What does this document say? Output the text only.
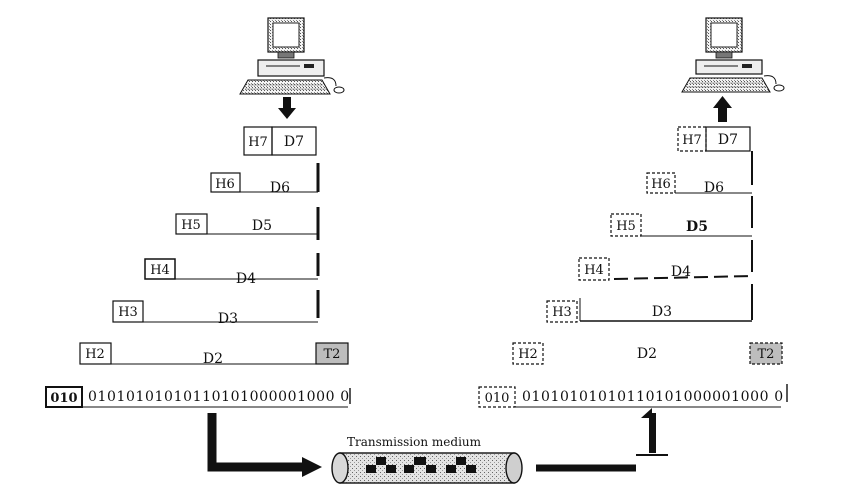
H7 D7
H6	D6
H5	D5
H4
D4
H3	D3
H2	D2	T2
010 01010101010110101000001000 0
H7 D7
H6 D6
H5	D5
H4	D4
H3	D3
H2	D2	T2
010 01010101010110101000001000 0
Transmission medium
